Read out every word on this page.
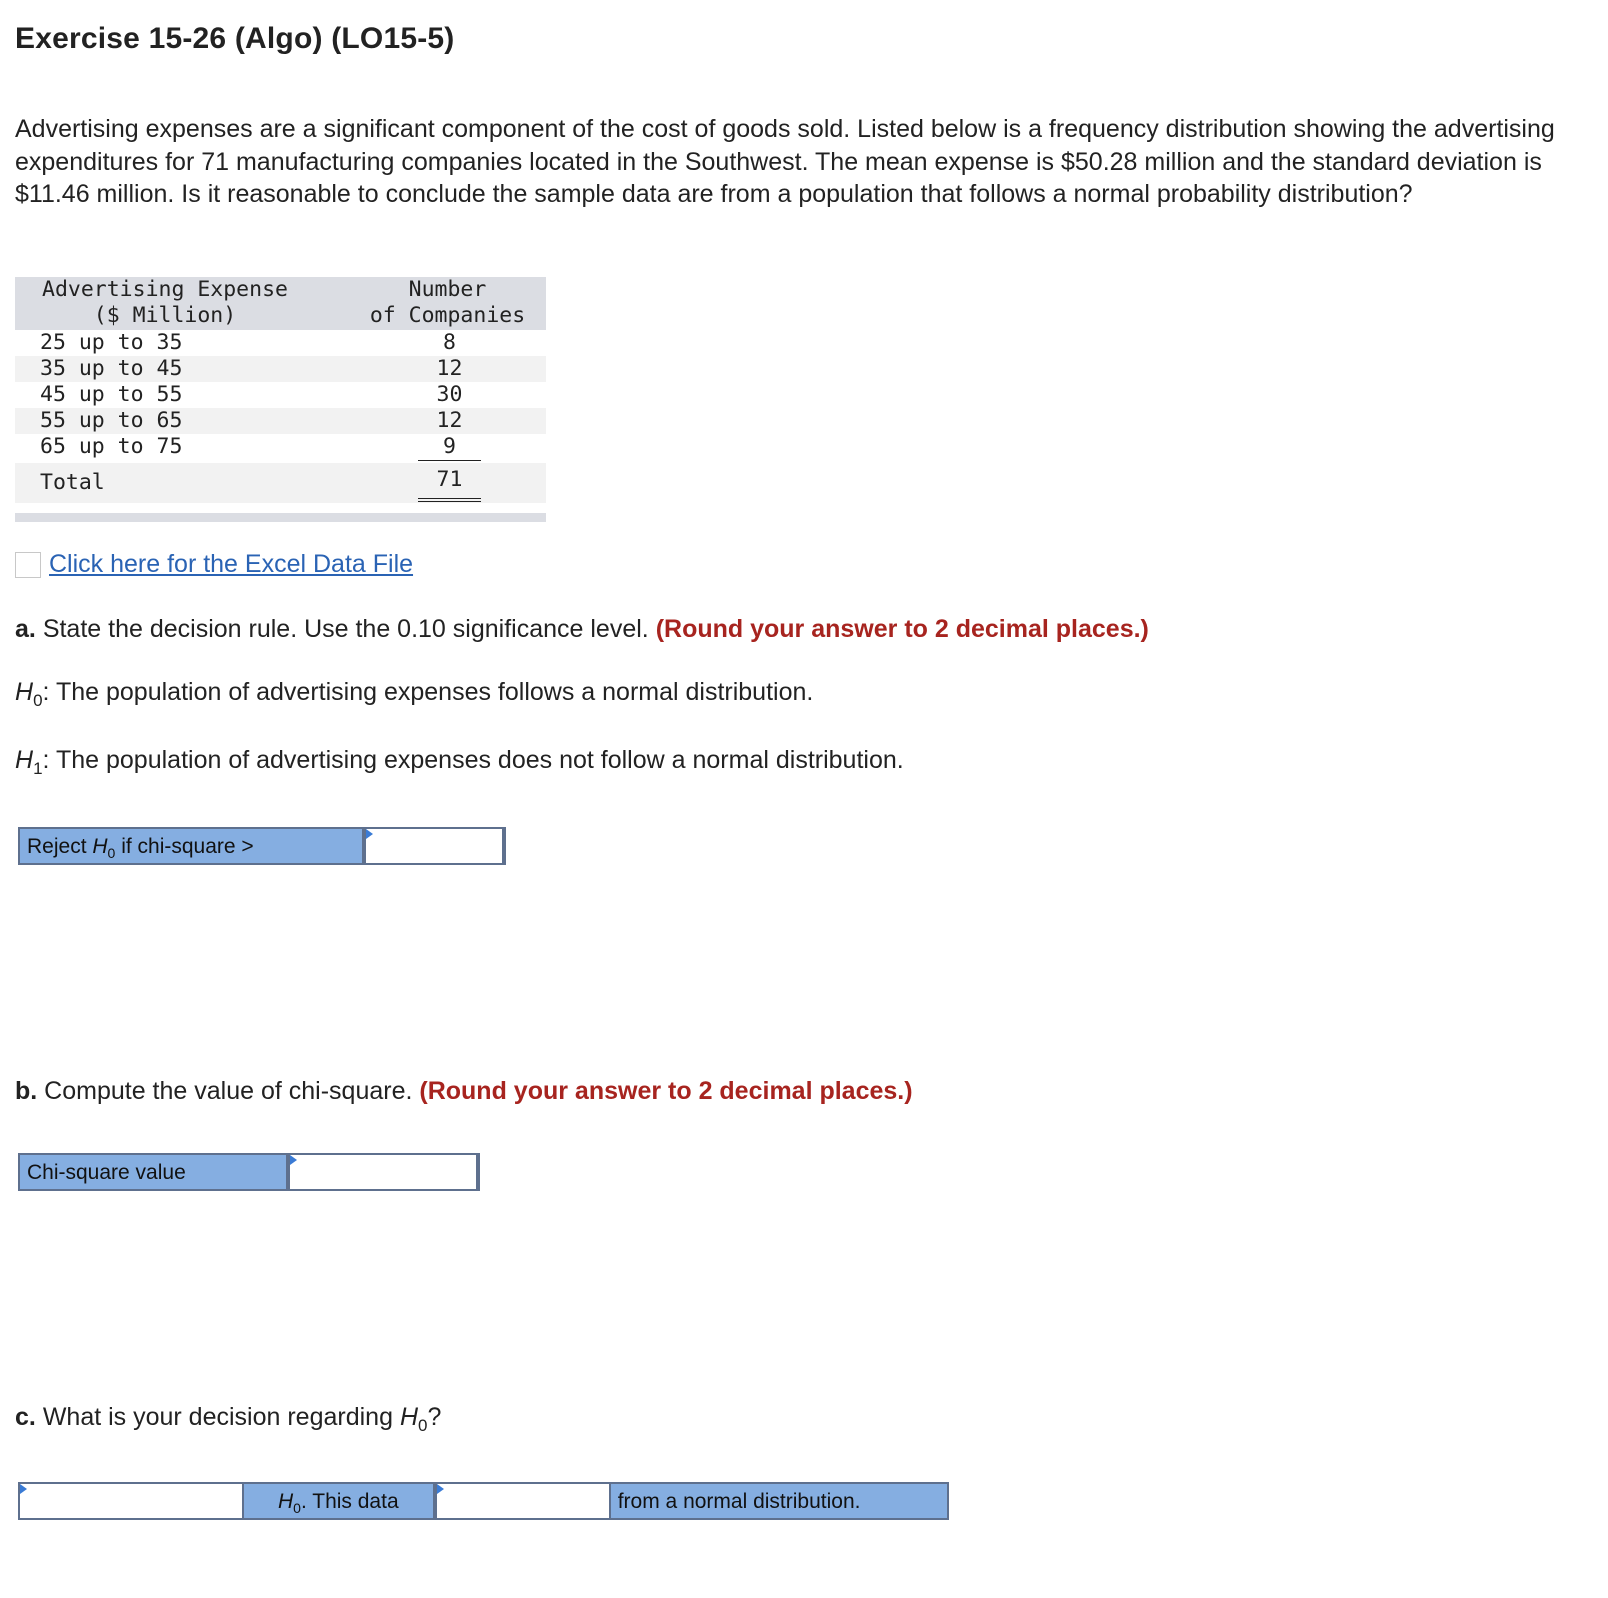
Exercise 15-26 (Algo) (LO15-5)
Advertising expenses are a significant component of the cost of goods sold. Listed below is a frequency distribution showing the advertising expenditures for 71 manufacturing companies located in the Southwest. The mean expense is $50.28 million and the standard deviation is $11.46 million. Is it reasonable to conclude the sample data are from a population that follows a normal probability distribution?
Advertising Expense
($ Million)
Number
of Companies
25 up to 35	8
35 up to 45	12
45 up to 55	30
55 up to 65	12
65 up to 75	9
Total	71
Click here for the Excel Data File
a. State the decision rule. Use the 0.10 significance level. (Round your answer to 2 decimal places.)
$H_0$: The population of advertising expenses follows a normal distribution.
$H_1$: The population of advertising expenses does not follow a normal distribution.
Reject $H_0$ if chi-square >
b. Compute the value of chi-square. (Round your answer to 2 decimal places.)
Chi-square value
c. What is your decision regarding $H_0$?
$H_0$. This data	from a normal distribution.
